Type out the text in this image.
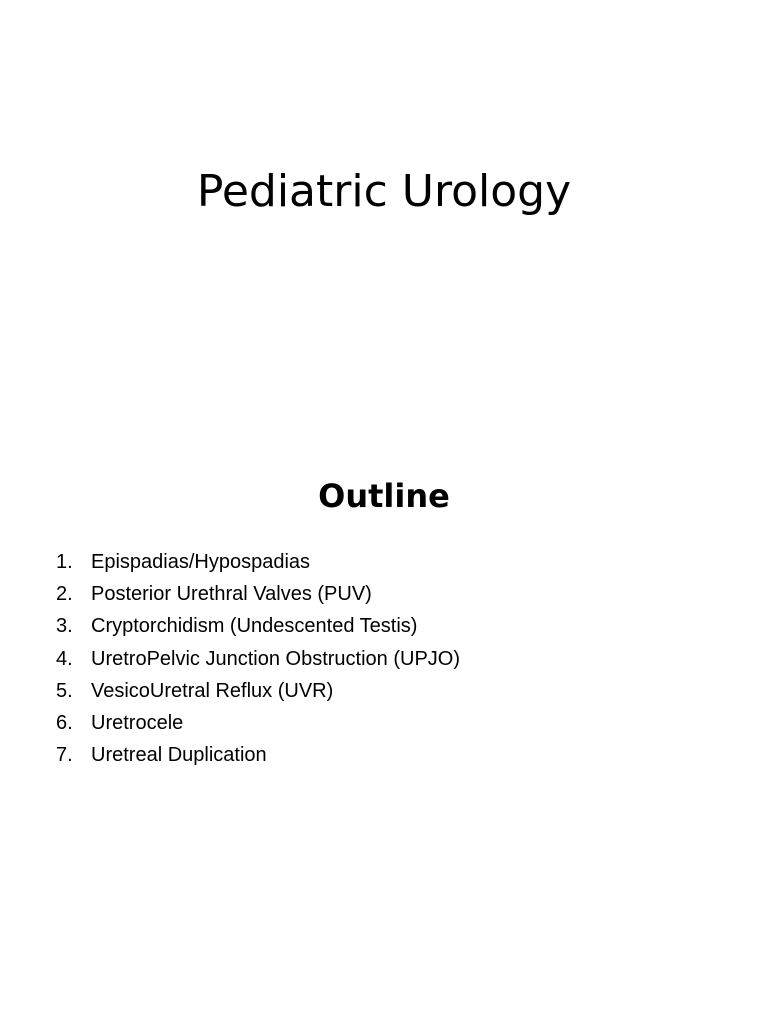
Pediatric Urology
Outline
1. Epispadias/Hypospadias
2. Posterior Urethral Valves (PUV)
3. Cryptorchidism (Undescented Testis)
4. UretroPelvic Junction Obstruction (UPJO)
5. VesicoUretral Reflux (UVR)
6. Uretrocele
7. Uretreal Duplication
